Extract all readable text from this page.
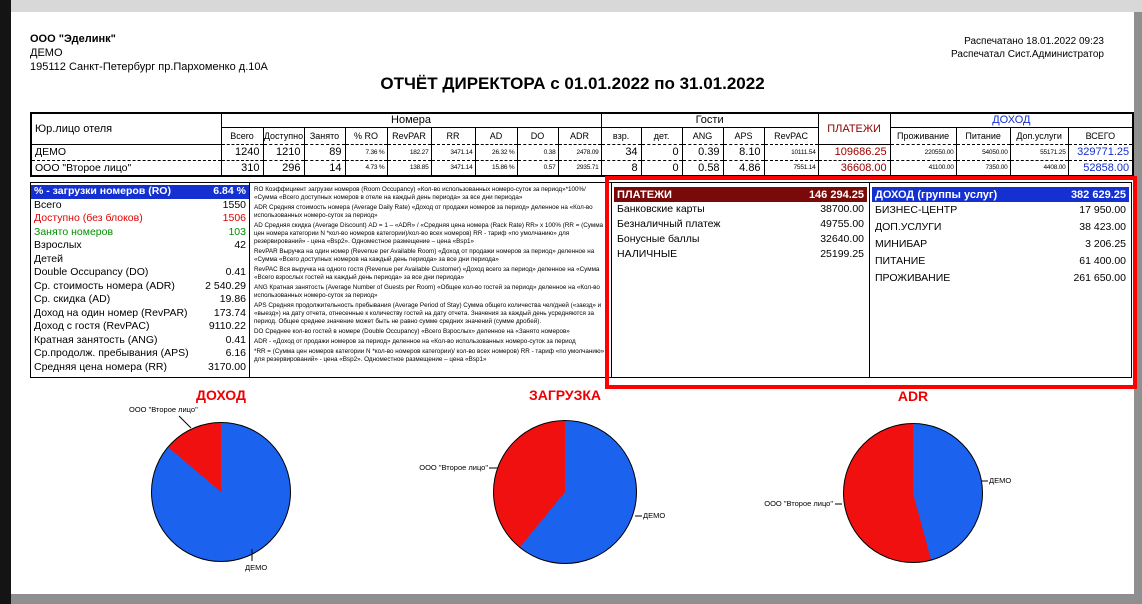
ООО "Эделинк"
ДЕМО
195112 Санкт-Петербург пр.Пархоменко д.10А
Распечатано 18.01.2022 09:23
Распечатал Сист.Администратор
ОТЧЁТ ДИРЕКТОРА с 01.01.2022 по 31.01.2022
Юр.лицо отеля	Номера									Гости					ПЛАТЕЖИ	ДОХОД			
	Всего	Доступно	Занято	% RO	RevPAR	RR	AD	DO	ADR	взр.	дет.	ANG	APS	RevPAC		Проживание	Питание	Доп.услуги	ВСЕГО
ДЕМО	1240	1210	89	7.36 %	182.27	3471.14	26.32 %	0.38	2478.09	34	0	0.39	8.10	10111.54	109686.25	220550.00	54050.00	55171.25	329771.25
ООО "Второе лицо"	310	296	14	4.73 %	138.85	3471.14	15.86 %	0.57	2935.71	8	0	0.58	4.86	7551.14	36608.00	41100.00	7350.00	4408.00	52858.00
% - загрузки номеров (RO)	6.84 %
Всего	1550
Доступно (без блоков)	1506
Занято номеров	103
Взрослых	42
Детей
Double Occupancy (DO)	0.41
Ср. стоимость номера (ADR)	2 540.29
Ср. скидка (AD)	19.86
Доход на один номер (RevPAR)	173.74
Доход с гостя (RevPAC)	9110.22
Кратная занятость (ANG)	0.41
Ср.продолж. пребывания (APS)	6.16
Средняя цена номера (RR)	3170.00

RO Коэффициент загрузки номеров (Room Occupancy) «Кол-во использованных номеро-суток за период»*100%/ «Сумма «Всего доступных номеров в отеле на каждый день периода» за все дни периода»

ADR Средняя стоимость номера (Average Daily Rate) «Доход от продажи номеров за период» деленное на «Кол-во использованных номеро-суток за период»

AD Средняя скидка (Average Discount) AD = 1 – «ADR» / «Средняя цена номера (Rack Rate) RR» x 100% (RR = (Сумма цен номера категории N *кол-во номеров категории)/кол-во всех номеров) RR - тариф «по умолчанию» для резервирований» - цена «Bsp2». Одноместное размещение – цена «Bsp1»

RevPAR Выручка на один номер (Revenue per Available Room) «Доход от продажи номеров за период» деленное на «Сумма «Всего доступных номеров на каждый день периода» за все дни периода»

RevPAC Вся выручка на одного гостя (Revenue per Available Customer) «Доход всего за период» деленное на «Сумма «Всего взрослых гостей на каждый день периода» за все дни периода»

ANG Кратная занятость (Average Number of Guests per Room) «Общее кол-во гостей за период» деленное на «Кол-во использованных номеро-суток за период»

APS Средняя продолжительность пребывания (Average Period of Stay) Сумма общего количества чел/дней («заезд» и «выезд») на дату отчета, отнесенные к количеству гостей на дату отчета. Значения за каждый день усредняются за период. Общее среднее значение может быть не равно сумме средних значений (сумме дробей).

DO Среднее кол-во гостей в номере (Double Occupancy) «Всего Взрослых» деленное на «Занято номеров»

ADR - «Доход от продажи номеров за период» деленное на «Кол-во использованных номеро-суток за период

*RR = (Сумма цен номеров категории N *кол-во номеров категории)/ кол-во всех номеров) RR - тариф «по умолчанию» для резервирований» - цена «Bsp2». Одноместное размещение – цена «Bsp1»

ПЛАТЕЖИ	146 294.25
Банковские карты	38700.00
Безналичный платеж	49755.00
Бонусные баллы	32640.00
НАЛИЧНЫЕ	25199.25
ДОХОД (группы услуг)	382 629.25
БИЗНЕС-ЦЕНТР	17 950.00
ДОП.УСЛУГИ	38 423.00
МИНИБАР	3 206.25
ПИТАНИЕ	61 400.00
ПРОЖИВАНИЕ	261 650.00
ДОХОД	ЗАГРУЗКА	ADR
ООО "Второе лицо"
ДЕМО
ООО "Второе лицо"
ДЕМО
ООО "Второе лицо"
ДЕМО
